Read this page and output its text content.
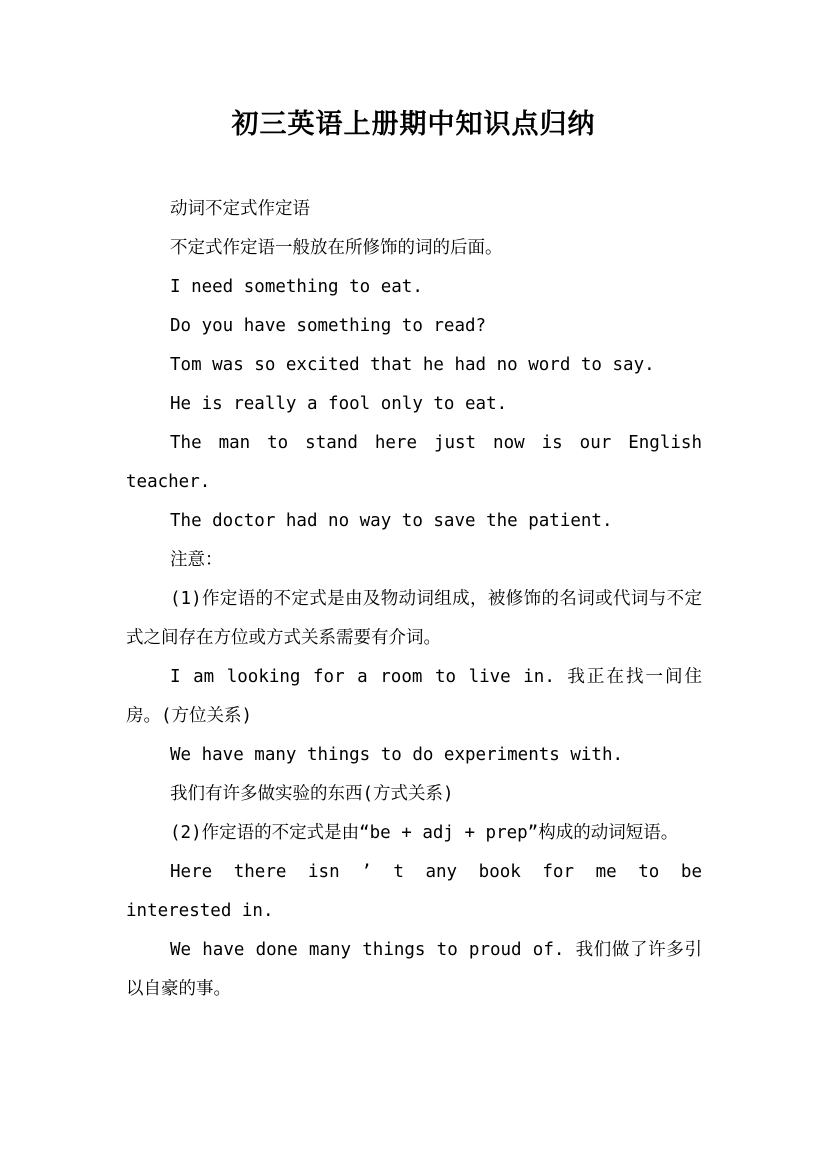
初三英语上册期中知识点归纳

动词不定式作定语

不定式作定语一般放在所修饰的词的后面。

I need something to eat.

Do you have something to read?

Tom was so excited that he had no word to say.

He is really a fool only to eat.

The man to stand here just now is our English teacher.

The doctor had no way to save the patient.

注意：

(1)作定语的不定式是由及物动词组成，被修饰的名词或代词与不定式之间存在方位或方式关系需要有介词。

I am looking for a room to live in. 我正在找一间住房。(方位关系)

We have many things to do experiments with.

我们有许多做实验的东西(方式关系)

(2)作定语的不定式是由“be + adj + prep”构成的动词短语。

Here there isn ’ t any book for me to be interested in.

We have done many things to proud of. 我们做了许多引以自豪的事。
